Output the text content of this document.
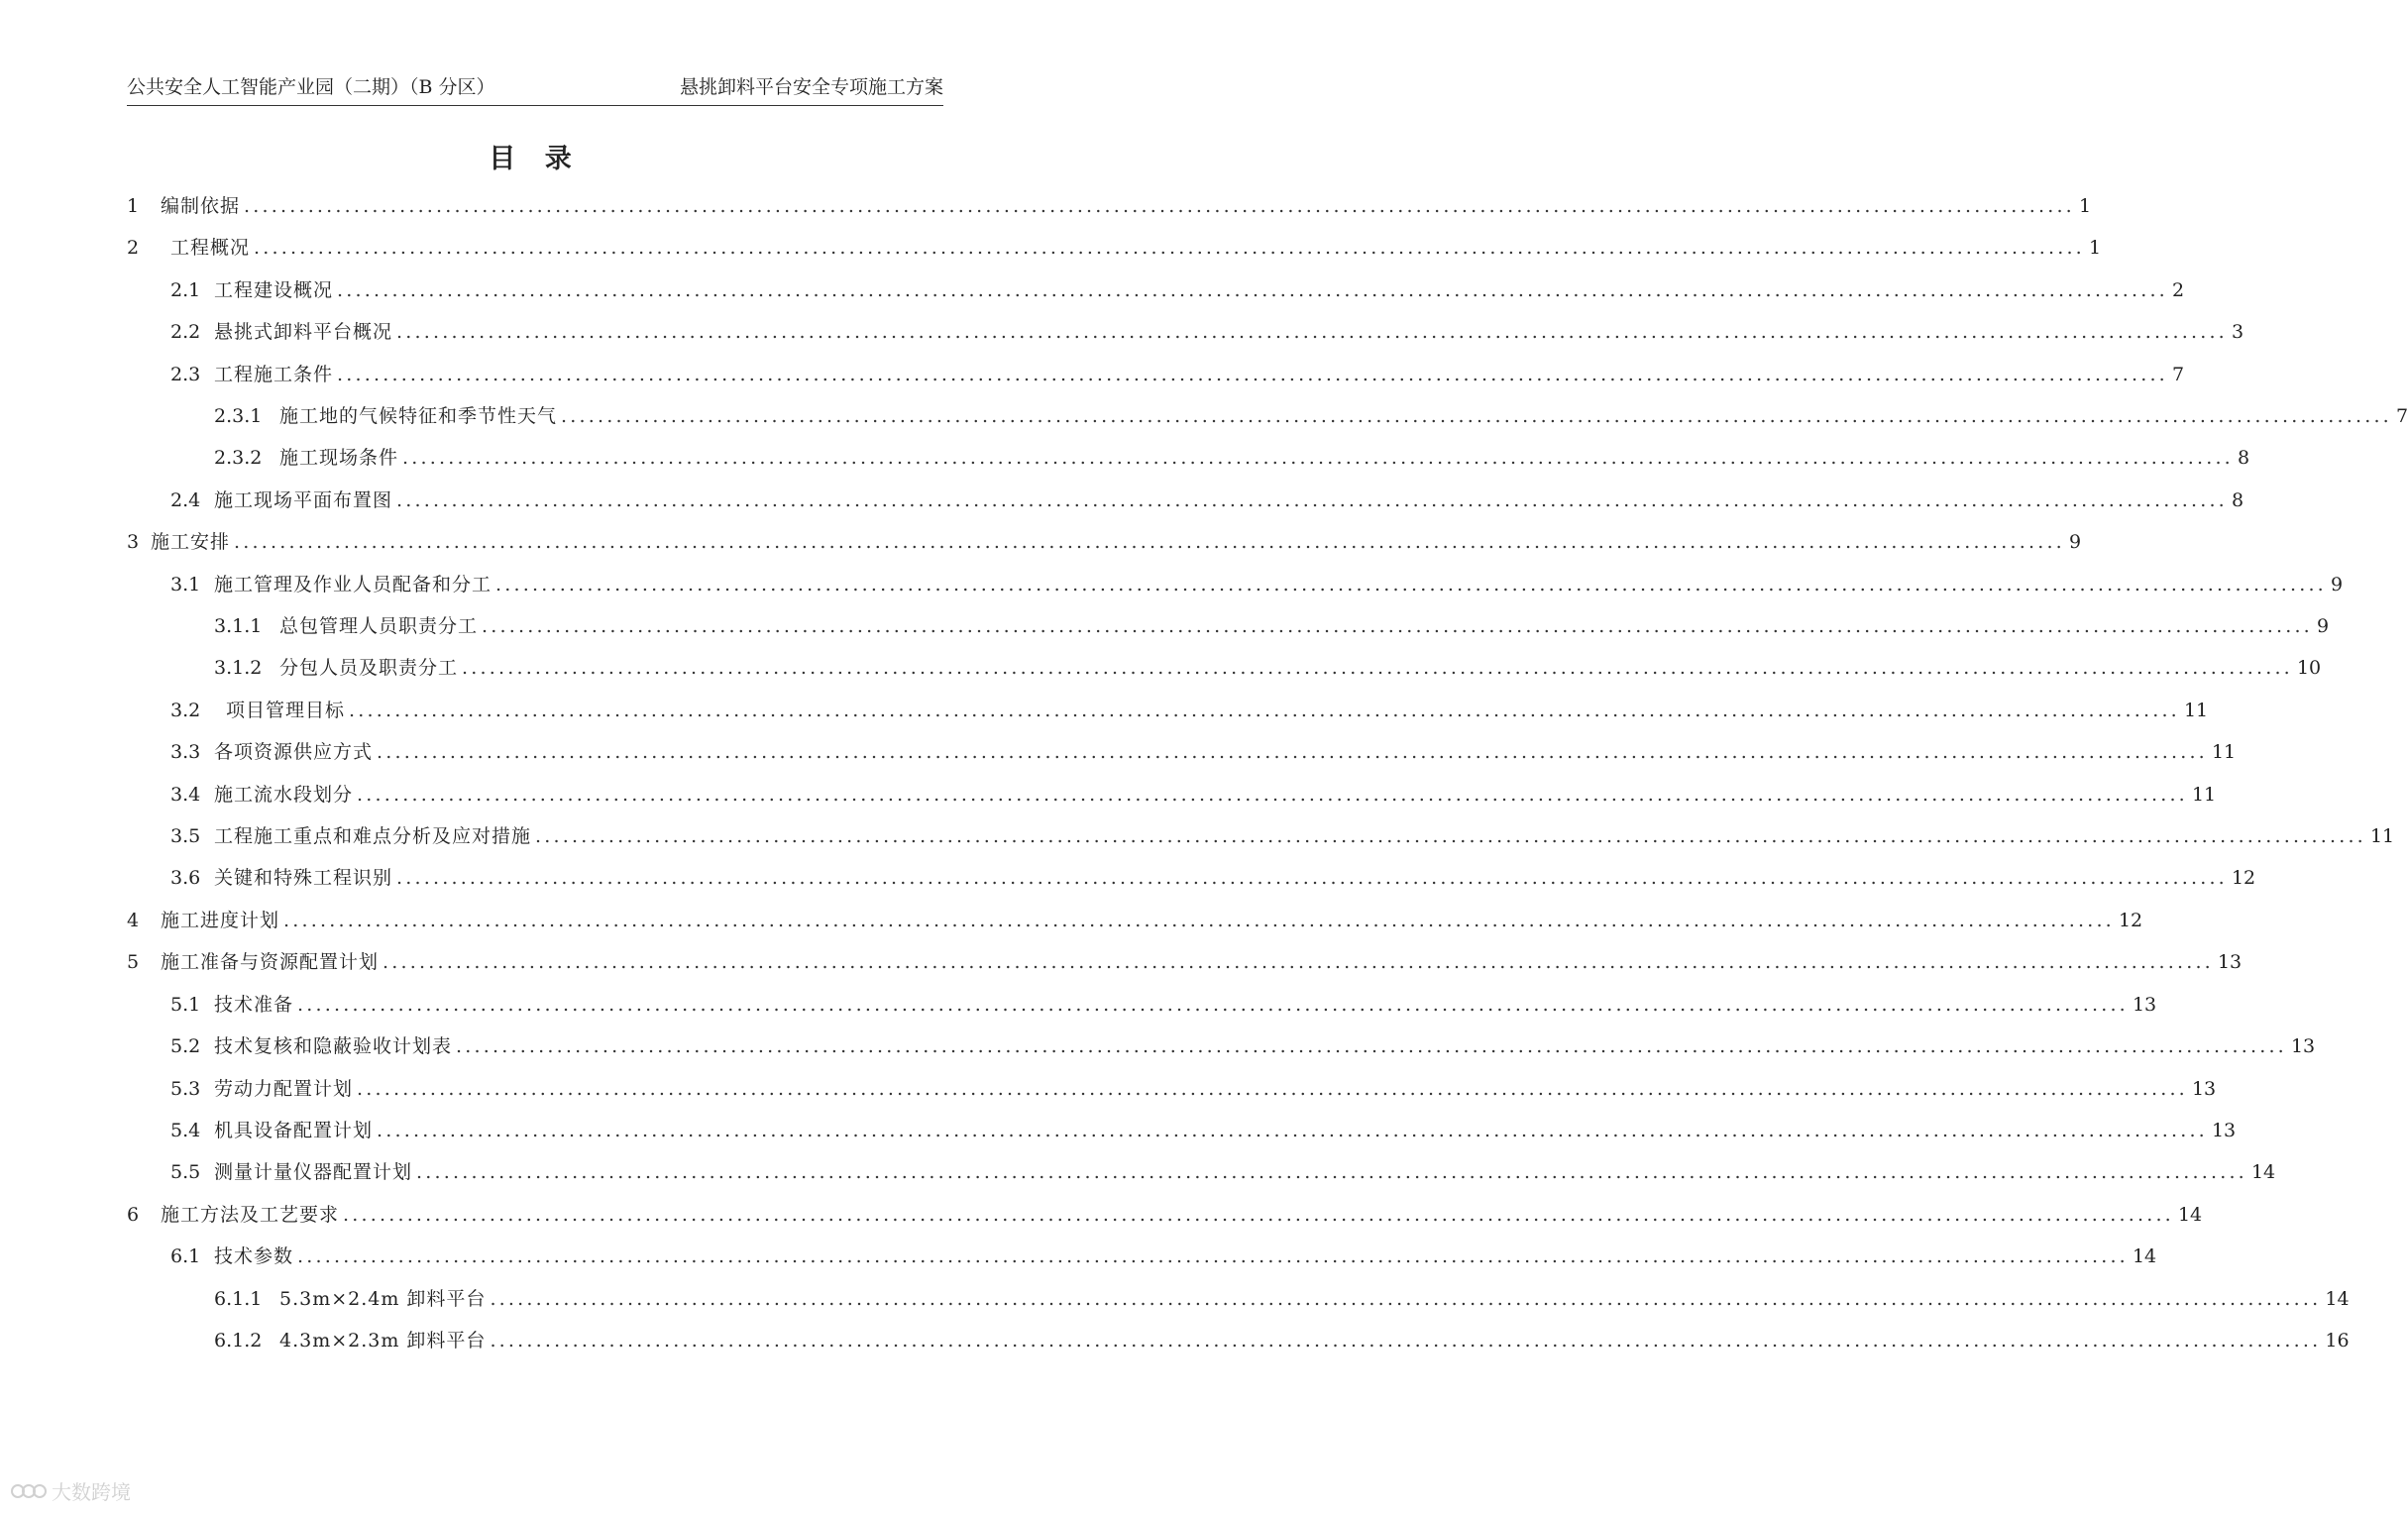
公共安全人工智能产业园（二期）（B 分区）	悬挑卸料平台安全专项施工方案
目 录
1	编制依据 ........................................................................................................................................................................................................ 1
2	工程概况 ........................................................................................................................................................................................................ 1
2.1 工程建设概况 ........................................................................................................................................................................................................ 2
2.2 悬挑式卸料平台概况 ........................................................................................................................................................................................................ 3
2.3 工程施工条件 ........................................................................................................................................................................................................ 7
2.3.1 施工地的气候特征和季节性天气 ........................................................................................................................................................................................................ 7
2.3.2 施工现场条件 ........................................................................................................................................................................................................ 8
2.4 施工现场平面布置图 ........................................................................................................................................................................................................ 8
3 施工安排 ........................................................................................................................................................................................................ 9
3.1 施工管理及作业人员配备和分工 ........................................................................................................................................................................................................ 9
3.1.1 总包管理人员职责分工 ........................................................................................................................................................................................................ 9
3.1.2 分包人员及职责分工 ........................................................................................................................................................................................................ 10
3.2	项目管理目标 ........................................................................................................................................................................................................ 11
3.3 各项资源供应方式 ........................................................................................................................................................................................................ 11
3.4 施工流水段划分 ........................................................................................................................................................................................................ 11
3.5 工程施工重点和难点分析及应对措施 ........................................................................................................................................................................................................ 11
3.6 关键和特殊工程识别 ........................................................................................................................................................................................................ 12
4	施工进度计划 ........................................................................................................................................................................................................ 12
5	施工准备与资源配置计划 ........................................................................................................................................................................................................ 13
5.1 技术准备 ........................................................................................................................................................................................................ 13
5.2 技术复核和隐蔽验收计划表 ........................................................................................................................................................................................................ 13
5.3 劳动力配置计划 ........................................................................................................................................................................................................ 13
5.4 机具设备配置计划 ........................................................................................................................................................................................................ 13
5.5 测量计量仪器配置计划 ........................................................................................................................................................................................................ 14
6	施工方法及工艺要求 ........................................................................................................................................................................................................ 14
6.1 技术参数 ........................................................................................................................................................................................................ 14
6.1.1 5.3m×2.4m 卸料平台 ........................................................................................................................................................................................................ 14
6.1.2 4.3m×2.3m 卸料平台 ........................................................................................................................................................................................................ 16
大数跨境
